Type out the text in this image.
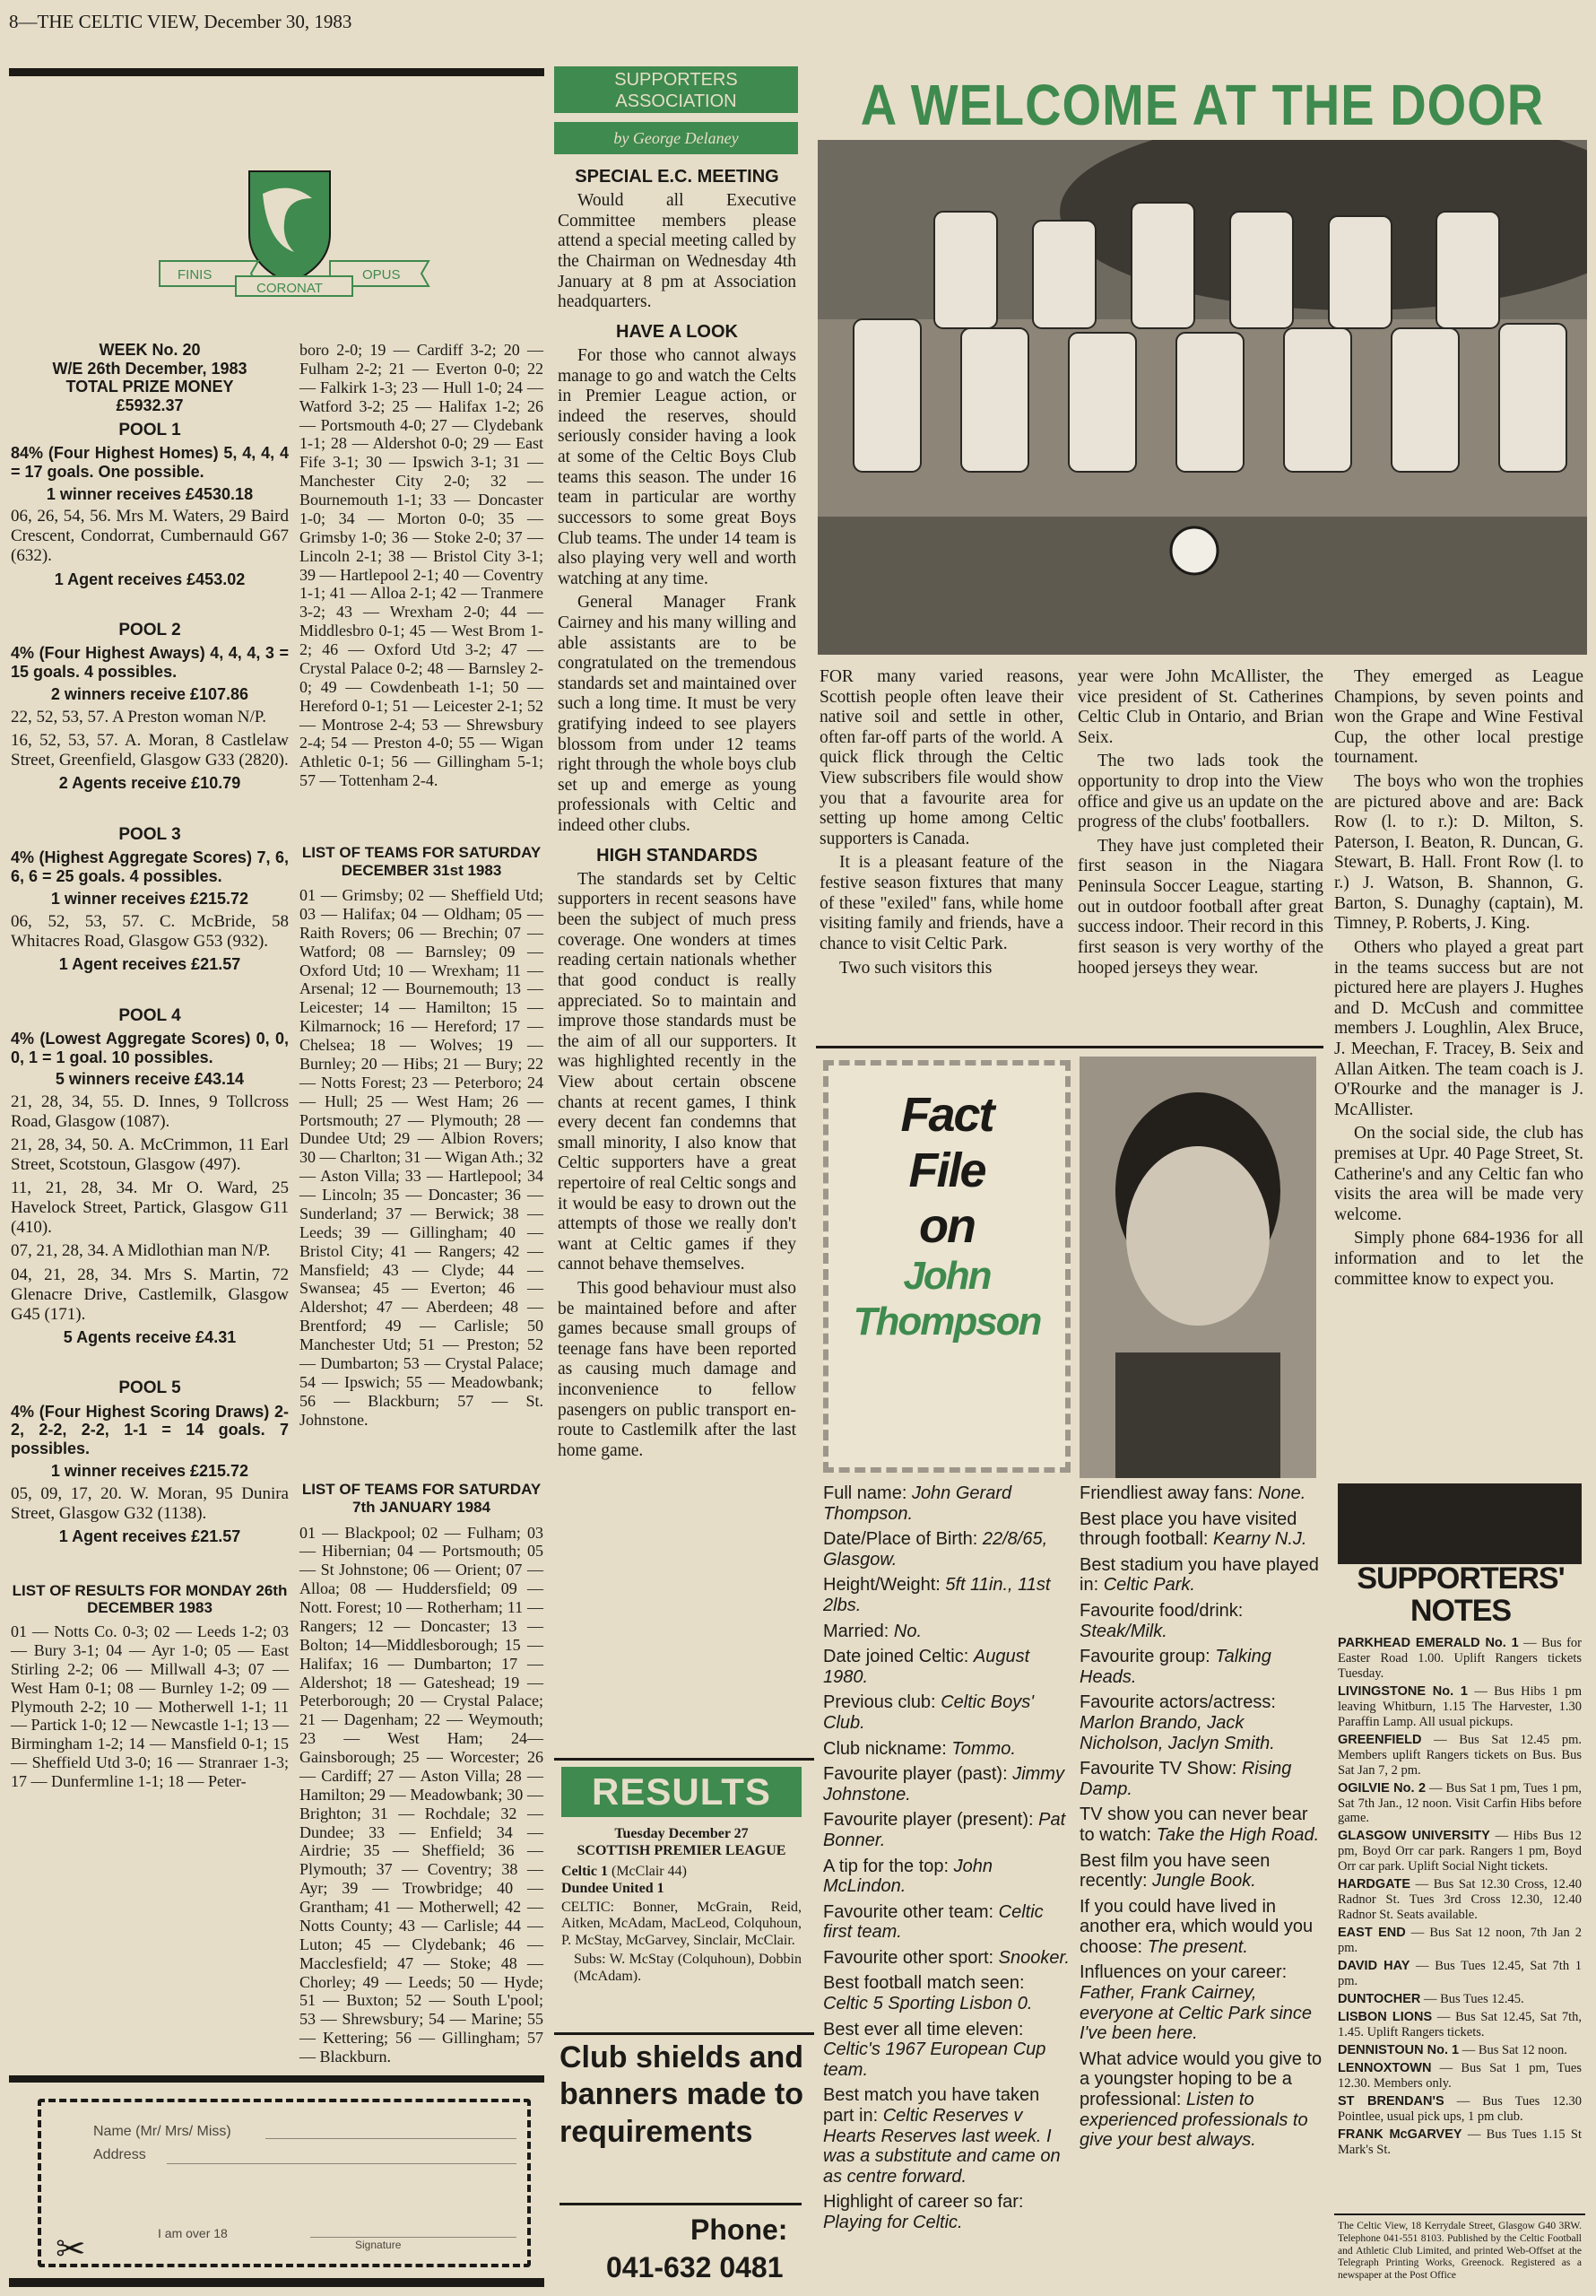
8—THE CELTIC VIEW, December 30, 1983
FINIS
CORONAT
OPUS
WEEK No. 20
W/E 26th December, 1983
TOTAL PRIZE MONEY
£5932.37
POOL 1

84% (Four Highest Homes) 5, 4, 4, 4 = 17 goals. One possible.

1 winner receives £4530.18

06, 26, 54, 56. Mrs M. Waters, 29 Baird Crescent, Condorrat, Cumbernauld G67 (632).

1 Agent receives £453.02

POOL 2

4% (Four Highest Aways) 4, 4, 4, 3 = 15 goals. 4 possibles.

2 winners receive £107.86

22, 52, 53, 57. A Preston woman N/P.

16, 52, 53, 57. A. Moran, 8 Castlelaw Street, Greenfield, Glasgow G33 (2820).

2 Agents receive £10.79

POOL 3

4% (Highest Aggregate Scores) 7, 6, 6, 6 = 25 goals. 4 possibles.

1 winner receives £215.72

06, 52, 53, 57. C. McBride, 58 Whitacres Road, Glasgow G53 (932).

1 Agent receives £21.57

POOL 4

4% (Lowest Aggregate Scores) 0, 0, 0, 1 = 1 goal. 10 possibles.

5 winners receive £43.14

21, 28, 34, 55. D. Innes, 9 Tollcross Road, Glasgow (1087).

21, 28, 34, 50. A. McCrimmon, 11 Earl Street, Scotstoun, Glasgow (497).

11, 21, 28, 34. Mr O. Ward, 25 Havelock Street, Partick, Glasgow G11 (410).

07, 21, 28, 34. A Midlothian man N/P.

04, 21, 28, 34. Mrs S. Martin, 72 Glenacre Drive, Castlemilk, Glasgow G45 (171).

5 Agents receive £4.31

POOL 5

4% (Four Highest Scoring Draws) 2-2, 2-2, 2-2, 1-1 = 14 goals. 7 possibles.

1 winner receives £215.72

05, 09, 17, 20. W. Moran, 95 Dunira Street, Glasgow G32 (1138).

1 Agent receives £21.57

LIST OF RESULTS FOR MONDAY 26th DECEMBER 1983

01 — Notts Co. 0-3; 02 — Leeds 1-2; 03 — Bury 3-1; 04 — Ayr 1-0; 05 — East Stirling 2-2; 06 — Millwall 4-3; 07 — West Ham 0-1; 08 — Burnley 1-2; 09 — Plymouth 2-2; 10 — Motherwell 1-1; 11 — Partick 1-0; 12 — Newcastle 1-1; 13 — Birmingham 1-2; 14 — Mansfield 0-1; 15 — Sheffield Utd 3-0; 16 — Stranraer 1-3; 17 — Dunfermline 1-1; 18 — Peter-

boro 2-0; 19 — Cardiff 3-2; 20 — Fulham 2-2; 21 — Everton 0-0; 22 — Falkirk 1-3; 23 — Hull 1-0; 24 — Watford 3-2; 25 — Halifax 1-2; 26 — Portsmouth 4-0; 27 — Clydebank 1-1; 28 — Aldershot 0-0; 29 — East Fife 3-1; 30 — Ipswich 3-1; 31 — Manchester City 2-0; 32 — Bournemouth 1-1; 33 — Doncaster 1-0; 34 — Morton 0-0; 35 — Grimsby 1-0; 36 — Stoke 2-0; 37 — Lincoln 2-1; 38 — Bristol City 3-1; 39 — Hartlepool 2-1; 40 — Coventry 1-1; 41 — Alloa 2-1; 42 — Tranmere 3-2; 43 — Wrexham 2-0; 44 — Middlesbro 0-1; 45 — West Brom 1-2; 46 — Oxford Utd 3-2; 47 — Crystal Palace 0-2; 48 — Barnsley 2-0; 49 — Cowdenbeath 1-1; 50 — Hereford 0-1; 51 — Leicester 2-1; 52 — Montrose 2-4; 53 — Shrewsbury 2-4; 54 — Preston 4-0; 55 — Wigan Athletic 0-1; 56 — Gillingham 5-1; 57 — Tottenham 2-4.

LIST OF TEAMS FOR SATURDAY DECEMBER 31st 1983

01 — Grimsby; 02 — Sheffield Utd; 03 — Halifax; 04 — Oldham; 05 — Raith Rovers; 06 — Brechin; 07 — Watford; 08 — Barnsley; 09 — Oxford Utd; 10 — Wrexham; 11 — Arsenal; 12 — Bournemouth; 13 — Leicester; 14 — Hamilton; 15 — Kilmarnock; 16 — Hereford; 17 — Chelsea; 18 — Wolves; 19 — Burnley; 20 — Hibs; 21 — Bury; 22 — Notts Forest; 23 — Peterboro; 24 — Hull; 25 — West Ham; 26 — Portsmouth; 27 — Plymouth; 28 — Dundee Utd; 29 — Albion Rovers; 30 — Charlton; 31 — Wigan Ath.; 32 — Aston Villa; 33 — Hartlepool; 34 — Lincoln; 35 — Doncaster; 36 — Sunderland; 37 — Berwick; 38 — Leeds; 39 — Gillingham; 40 — Bristol City; 41 — Rangers; 42 — Mansfield; 43 — Clyde; 44 — Swansea; 45 — Everton; 46 — Aldershot; 47 — Aberdeen; 48 — Brentford; 49 — Carlisle; 50 Manchester Utd; 51 — Preston; 52 — Dumbarton; 53 — Crystal Palace; 54 — Ipswich; 55 — Meadowbank; 56 — Blackburn; 57 — St. Johnstone.

LIST OF TEAMS FOR SATURDAY 7th JANUARY 1984

01 — Blackpool; 02 — Fulham; 03 — Hibernian; 04 — Portsmouth; 05 — St Johnstone; 06 — Orient; 07 — Alloa; 08 — Huddersfield; 09 — Nott. Forest; 10 — Rotherham; 11 — Rangers; 12 — Doncaster; 13 —Bolton; 14—Middlesborough; 15 — Halifax; 16 — Dumbarton; 17 — Aldershot; 18 — Gateshead; 19 — Peterborough; 20 — Crystal Palace; 21 — Dagenham; 22 — Weymouth; 23 — West Ham; 24—Gainsborough; 25 — Worcester; 26 — Cardiff; 27 — Aston Villa; 28 — Hamilton; 29 — Meadowbank; 30 — Brighton; 31 — Rochdale; 32 — Dundee; 33 — Enfield; 34 — Airdrie; 35 — Sheffield; 36 — Plymouth; 37 — Coventry; 38 — Ayr; 39 — Trowbridge; 40 — Grantham; 41 — Motherwell; 42 — Notts County; 43 — Carlisle; 44 — Luton; 45 — Clydebank; 46 — Macclesfield; 47 — Stoke; 48 — Chorley; 49 — Leeds; 50 — Hyde; 51 — Buxton; 52 — South L'pool; 53 — Shrewsbury; 54 — Marine; 55 — Kettering; 56 — Gillingham; 57 — Blackburn.

Name (Mr/ Mrs/ Miss)
Address
I am over 18
Signature
✂
SUPPORTERS
ASSOCIATION
by George Delaney
SPECIAL E.C. MEETING

Would all Executive Committee members please attend a special meeting called by the Chairman on Wednesday 4th January at 8 pm at Association headquarters.

HAVE A LOOK

For those who cannot always manage to go and watch the Celts in Premier League action, or indeed the reserves, should seriously consider having a look at some of the Celtic Boys Club teams this season. The under 16 team in particular are worthy successors to some great Boys Club teams. The under 14 team is also playing very well and worth watching at any time.

General Manager Frank Cairney and his many willing and able assistants are to be congratulated on the tremendous standards set and maintained over such a long time. It must be very gratifying indeed to see players blossom from under 12 teams right through the whole boys club set up and emerge as young professionals with Celtic and indeed other clubs.

HIGH STANDARDS

The standards set by Celtic supporters in recent seasons have been the subject of much press coverage. One wonders at times reading certain nationals whether that good conduct is really appreciated. So to maintain and improve those standards must be the aim of all our supporters. It was highlighted recently in the View about certain obscene chants at recent games, I think every decent fan condemns that small minority, I also know that Celtic supporters have a great repertoire of real Celtic songs and it would be easy to drown out the attempts of those we really don't want at Celtic games if they cannot behave themselves.

This good behaviour must also be maintained before and after games because small groups of teenage fans have been reported as causing much damage and inconvenience to fellow pasengers on public transport en-route to Castlemilk after the last home game.

RESULTS
Tuesday December 27
SCOTTISH PREMIER LEAGUE
Celtic 1 (McClair 44)
Dundee United 1
CELTIC: Bonner, McGrain, Reid, Aitken, McAdam, MacLeod, Colquhoun, P. McStay, McGarvey, Sinclair, McClair.
Subs: W. McStay (Colquhoun), Dobbin (McAdam).
Club shields and banners made to requirements
Phone:
041-632 0481
A WELCOME AT THE DOOR

FOR many varied reasons, Scottish people often leave their native soil and settle in other, often far-off parts of the world. A quick flick through the Celtic View subscribers file would show you that a favourite area for setting up home among Celtic supporters is Canada.

It is a pleasant feature of the festive season fixtures that many of these "exiled" fans, while home visiting family and friends, have a chance to visit Celtic Park.

Two such visitors this

year were John McAllister, the vice president of St. Catherines Celtic Club in Ontario, and Brian Seix.

The two lads took the opportunity to drop into the View office and give us an update on the progress of the clubs' footballers.

They have just completed their first season in the Niagara Peninsula Soccer League, starting out in outdoor football after great success indoor. Their record in this first season is very worthy of the hooped jerseys they wear.

They emerged as League Champions, by seven points and won the Grape and Wine Festival Cup, the other local prestige tournament.

The boys who won the trophies are pictured above and are: Back Row (l. to r.): D. Milton, S. Paterson, I. Beaton, R. Duncan, G. Stewart, B. Hall. Front Row (l. to r.) J. Watson, B. Shannon, G. Barton, S. Dunaghy (captain), M. Timney, P. Roberts, J. King.

Others who played a great part in the teams success but are not pictured here are players J. Hughes and D. McCush and committee members J. Loughlin, Alex Bruce, J. Meechan, F. Tracey, B. Seix and Allan Aitken. The team coach is J. O'Rourke and the manager is J. McAllister.

On the social side, the club has premises at Upr. 40 Page Street, St. Catherine's and any Celtic fan who visits the area will be made very welcome.

Simply phone 684-1936 for all information and to let the committee know to expect you.

Fact
File
on
John
Thompson
Full name: John Gerard Thompson.
Date/Place of Birth: 22/8/65, Glasgow.
Height/Weight: 5ft 11in., 11st 2lbs.
Married: No.
Date joined Celtic: August 1980.
Previous club: Celtic Boys' Club.
Club nickname: Tommo.
Favourite player (past): Jimmy Johnstone.
Favourite player (present): Pat Bonner.
A tip for the top: John McLindon.
Favourite other team: Celtic first team.
Favourite other sport: Snooker.
Best football match seen: Celtic 5 Sporting Lisbon 0.
Best ever all time eleven: Celtic's 1967 European Cup team.
Best match you have taken part in: Celtic Reserves v Hearts Reserves last week. I was a substitute and came on as centre forward.
Highlight of career so far: Playing for Celtic.
Friendliest away fans: None.
Best place you have visited through football: Kearny N.J.
Best stadium you have played in: Celtic Park.
Favourite food/drink: Steak/Milk.
Favourite group: Talking Heads.
Favourite actors/actress: Marlon Brando, Jack Nicholson, Jaclyn Smith.
Favourite TV Show: Rising Damp.
TV show you can never bear to watch: Take the High Road.
Best film you have seen recently: Jungle Book.
If you could have lived in another era, which would you choose: The present.
Influences on your career: Father, Frank Cairney, everyone at Celtic Park since I've been here.
What advice would you give to a youngster hoping to be a professional: Listen to experienced professionals to give your best always.
SUPPORTERS'
NOTES
PARKHEAD EMERALD No. 1 — Bus for Easter Road 1.00. Uplift Rangers tickets Tuesday.
LIVINGSTONE No. 1 — Bus Hibs 1 pm leaving Whitburn, 1.15 The Harvester, 1.30 Paraffin Lamp. All usual pickups.
GREENFIELD — Bus Sat 12.45 pm. Members uplift Rangers tickets on Bus. Bus Sat Jan 7, 2 pm.
OGILVIE No. 2 — Bus Sat 1 pm, Tues 1 pm, Sat 7th Jan., 12 noon. Visit Carfin Hibs before game.
GLASGOW UNIVERSITY — Hibs Bus 12 pm, Boyd Orr car park. Rangers 1 pm, Boyd Orr car park. Uplift Social Night tickets.
HARDGATE — Bus Sat 12.30 Cross, 12.40 Radnor St. Tues 3rd Cross 12.30, 12.40 Radnor St. Seats available.
EAST END — Bus Sat 12 noon, 7th Jan 2 pm.
DAVID HAY — Bus Tues 12.45, Sat 7th 1 pm.
DUNTOCHER — Bus Tues 12.45.
LISBON LIONS — Bus Sat 12.45, Sat 7th, 1.45. Uplift Rangers tickets.
DENNISTOUN No. 1 — Bus Sat 12 noon.
LENNOXTOWN — Bus Sat 1 pm, Tues 12.30. Members only.
ST BRENDAN'S — Bus Tues 12.30 Pointlee, usual pick ups, 1 pm club.
FRANK McGARVEY — Bus Tues 1.15 St Mark's St.
The Celtic View, 18 Kerrydale Street, Glasgow G40 3RW. Telephone 041-551 8103. Published by the Celtic Football and Athletic Club Limited, and printed Web-Offset at the Telegraph Printing Works, Greenock. Registered as a newspaper at the Post Office
